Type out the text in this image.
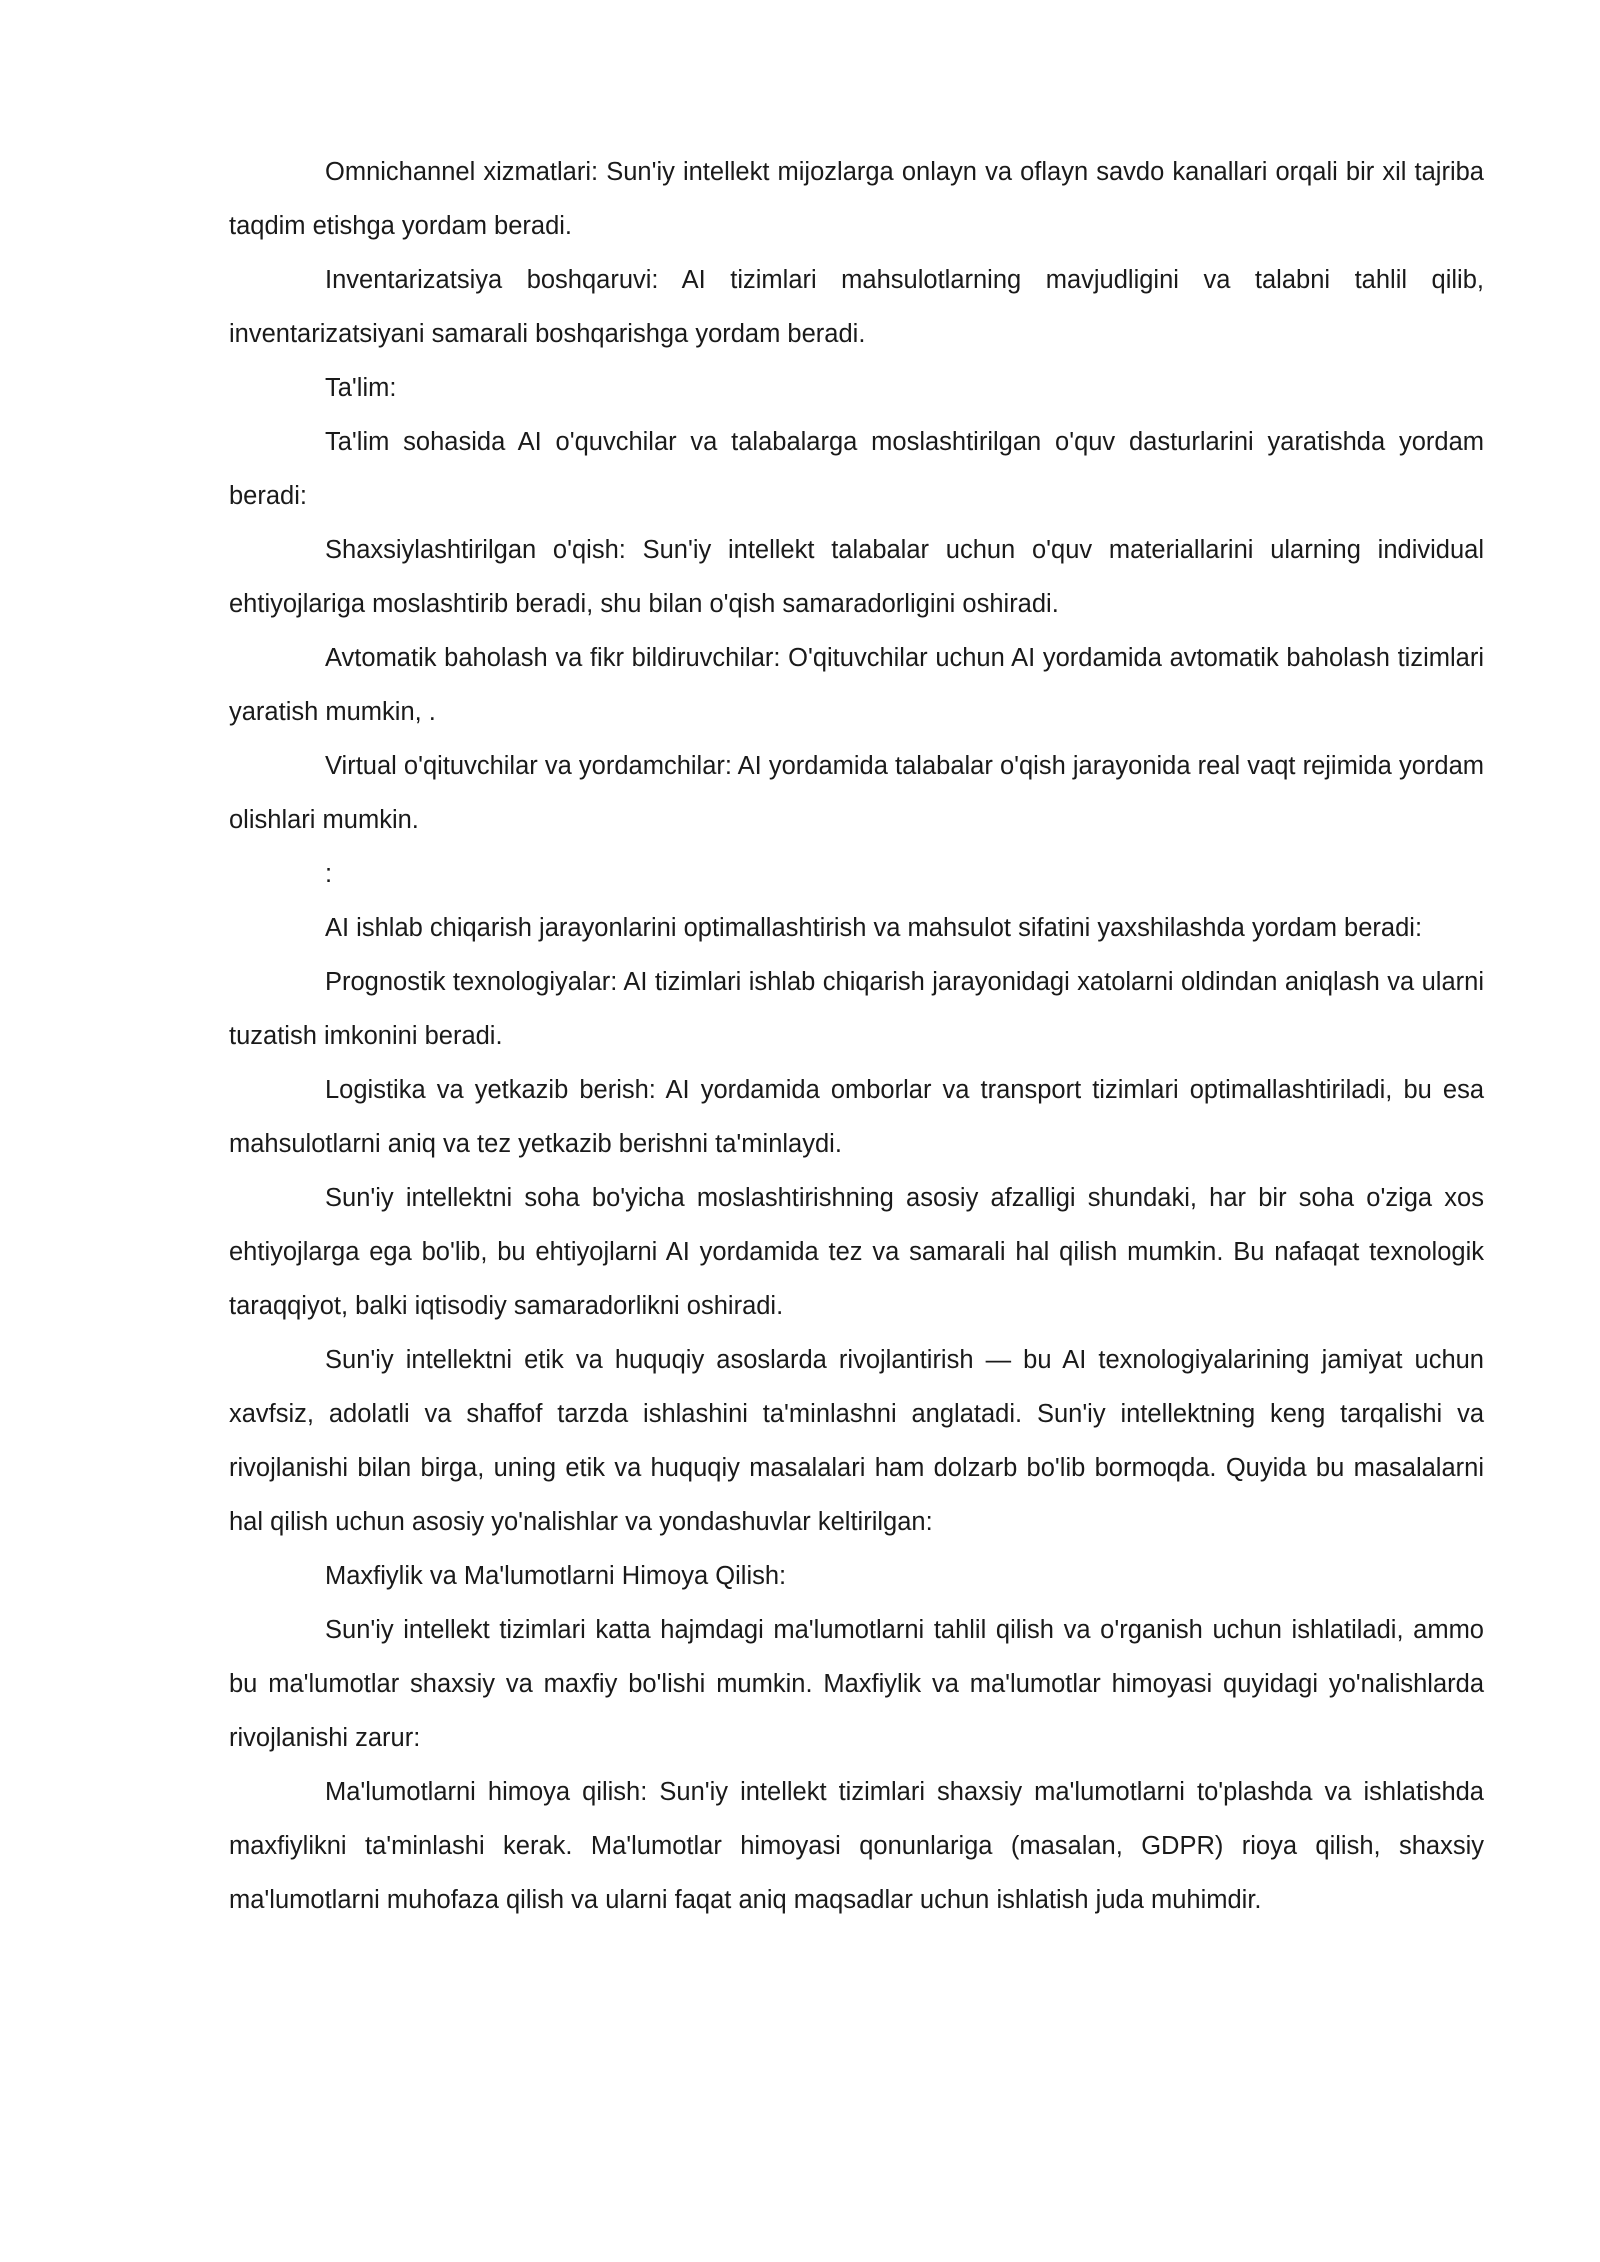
Omnichannel xizmatlari: Sun'iy intellekt mijozlarga onlayn va oflayn savdo kanallari orqali bir xil tajriba taqdim etishga yordam beradi.

Inventarizatsiya boshqaruvi: AI tizimlari mahsulotlarning mavjudligini va talabni tahlil qilib, inventarizatsiyani samarali boshqarishga yordam beradi.

Ta'lim:

Ta'lim sohasida AI o'quvchilar va talabalarga moslashtirilgan o'quv dasturlarini yaratishda yordam beradi:

Shaxsiylashtirilgan o'qish: Sun'iy intellekt talabalar uchun o'quv materiallarini ularning individual ehtiyojlariga moslashtirib beradi, shu bilan o'qish samaradorligini oshiradi.

Avtomatik baholash va fikr bildiruvchilar: O'qituvchilar uchun AI yordamida avtomatik baholash tizimlari yaratish mumkin, .

Virtual o'qituvchilar va yordamchilar: AI yordamida talabalar o'qish jarayonida real vaqt rejimida yordam olishlari mumkin.

:

AI ishlab chiqarish jarayonlarini optimallashtirish va mahsulot sifatini yaxshilashda yordam beradi:

Prognostik texnologiyalar: AI tizimlari ishlab chiqarish jarayonidagi xatolarni oldindan aniqlash va ularni tuzatish imkonini beradi.

Logistika va yetkazib berish: AI yordamida omborlar va transport tizimlari optimallashtiriladi, bu esa mahsulotlarni aniq va tez yetkazib berishni ta'minlaydi.

Sun'iy intellektni soha bo'yicha moslashtirishning asosiy afzalligi shundaki, har bir soha o'ziga xos ehtiyojlarga ega bo'lib, bu ehtiyojlarni AI yordamida tez va samarali hal qilish mumkin. Bu nafaqat texnologik taraqqiyot, balki iqtisodiy samaradorlikni oshiradi.

Sun'iy intellektni etik va huquqiy asoslarda rivojlantirish — bu AI texnologiyalarining jamiyat uchun xavfsiz, adolatli va shaffof tarzda ishlashini ta'minlashni anglatadi. Sun'iy intellektning keng tarqalishi va rivojlanishi bilan birga, uning etik va huquqiy masalalari ham dolzarb bo'lib bormoqda. Quyida bu masalalarni hal qilish uchun asosiy yo'nalishlar va yondashuvlar keltirilgan:

Maxfiylik va Ma'lumotlarni Himoya Qilish:

Sun'iy intellekt tizimlari katta hajmdagi ma'lumotlarni tahlil qilish va o'rganish uchun ishlatiladi, ammo bu ma'lumotlar shaxsiy va maxfiy bo'lishi mumkin. Maxfiylik va ma'lumotlar himoyasi quyidagi yo'nalishlarda rivojlanishi zarur:

Ma'lumotlarni himoya qilish: Sun'iy intellekt tizimlari shaxsiy ma'lumotlarni to'plashda va ishlatishda maxfiylikni ta'minlashi kerak. Ma'lumotlar himoyasi qonunlariga (masalan, GDPR) rioya qilish, shaxsiy ma'lumotlarni muhofaza qilish va ularni faqat aniq maqsadlar uchun ishlatish juda muhimdir.
